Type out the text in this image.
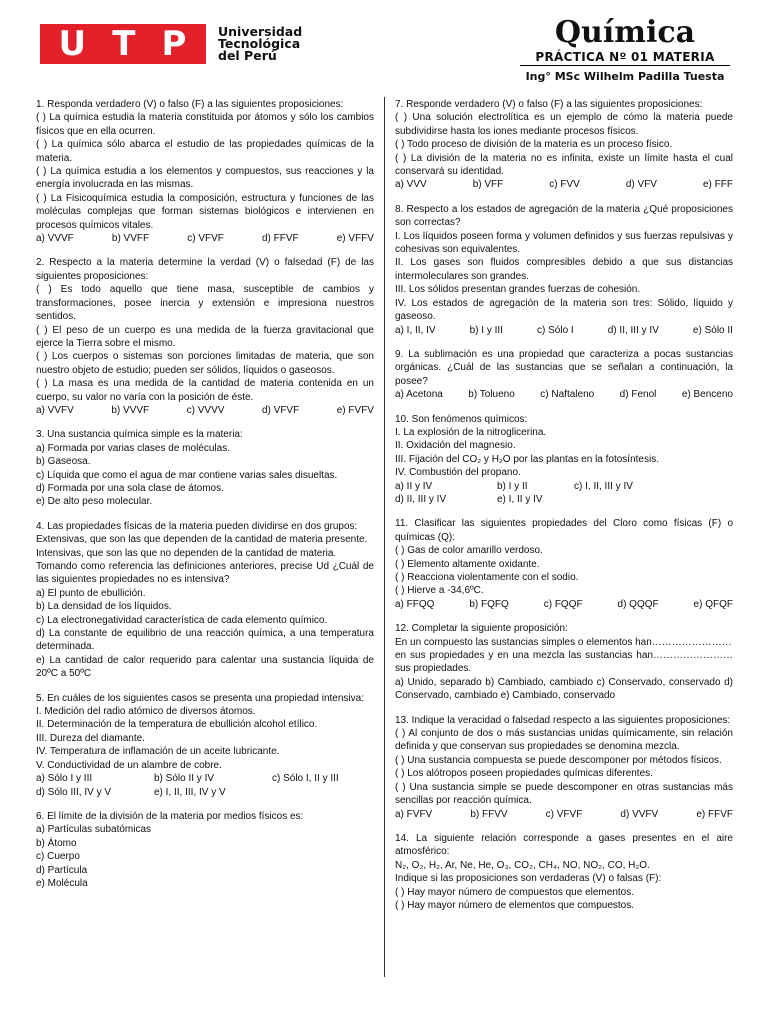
U T P Universidad
Tecnológica
del Perú
Química
PRÁCTICA Nº 01 MATERIA
Ing° MSc Wilhelm Padilla Tuesta
1. Responda verdadero (V) o falso (F) a las siguientes proposiciones:
( ) La química estudia la materia constituida por átomos y sólo los cambios físicos que en ella ocurren.
( ) La química sólo abarca el estudio de las propiedades químicas de la materia.
( ) La química estudia a los elementos y compuestos, sus reacciones y la energía involucrada en las mismas.
( ) La Fisicoquímica estudia la composición, estructura y funciones de las moléculas complejas que forman sistemas biológicos e intervienen en procesos químicos vitales.
a) VVVF	b) VVFF	c) VFVF	d) FFVF	e) VFFV
2. Respecto a la materia determine la verdad (V) o falsedad (F) de las siguientes proposiciones:
( ) Es todo aquello que tiene masa, susceptible de cambios y transformaciones, posee inercia y extensión e impresiona nuestros sentidos.
( ) El peso de un cuerpo es una medida de la fuerza gravitacional que ejerce la Tierra sobre el mismo.
( ) Los cuerpos o sistemas son porciones limitadas de materia, que son nuestro objeto de estudio; pueden ser sólidos, líquidos o gaseosos.
( ) La masa es una medida de la cantidad de materia contenida en un cuerpo, su valor no varía con la posición de éste.
a) VVFV	b) VVVF	c) VVVV	d) VFVF	e) FVFV
3. Una sustancia química simple es la materia:
a) Formada por varias clases de moléculas.
b) Gaseosa.
c) Líquida que como el agua de mar contiene varias sales disueltas.
d) Formada por una sola clase de átomos.
e) De alto peso molecular.
4. Las propiedades físicas de la materia pueden dividirse en dos grupos:
Extensivas, que son las que dependen de la cantidad de materia presente.
Intensivas, que son las que no dependen de la cantidad de materia.
Tomando como referencia las definiciones anteriores, precise Ud ¿Cuál de las siguientes propiedades no es intensiva?
a) El punto de ebullición.
b) La densidad de los líquidos.
c) La electronegatividad característica de cada elemento químico.
d) La constante de equilibrio de una reacción química, a una temperatura determinada.
e) La cantidad de calor requerido para calentar una sustancia líquida de 20ºC a 50ºC
5. En cuáles de los siguientes casos se presenta una propiedad intensiva:
I. Medición del radio atómico de diversos átomos.
II. Determinación de la temperatura de ebullición alcohol etílico.
III. Dureza del diamante.
IV. Temperatura de inflamación de un aceite lubricante.
V. Conductividad de un alambre de cobre.
a) Sólo I y III	b) Sólo II y IV	c) Sólo I, II y III
d) Sólo III, IV y V	e) I, II, III, IV y V
6. El límite de la división de la materia por medios físicos es:
a) Partículas subatómicas
b) Átomo
c) Cuerpo
d) Partícula
e) Molécula
7. Responde verdadero (V) o falso (F) a las siguientes proposiciones:
( ) Una solución electrolítica es un ejemplo de cómo la materia puede subdividirse hasta los iones mediante procesos físicos.
( ) Todo proceso de división de la materia es un proceso físico.
( ) La división de la materia no es infinita, existe un límite hasta el cual conservará su identidad.
a) VVV	b) VFF	c) FVV	d) VFV	e) FFF
8. Respecto a los estados de agregación de la materia ¿Qué proposiciones son correctas?
I. Los líquidos poseen forma y volumen definidos y sus fuerzas repulsivas y cohesivas son equivalentes.
II. Los gases son fluidos compresibles debido a que sus distancias intermoleculares son grandes.
III. Los sólidos presentan grandes fuerzas de cohesión.
IV. Los estados de agregación de la materia son tres: Sólido, líquido y gaseoso.
a) I, II, IV	b) I y III	c) Sólo I	d) II, III y IV	e) Sólo II
9. La sublimación es una propiedad que caracteriza a pocas sustancias orgánicas. ¿Cuál de las sustancias que se señalan a continuación, la posee?
a) Acetona	b) Tolueno	c) Naftaleno	d) Fenol	e) Benceno
10. Son fenómenos químicos:
I. La explosión de la nitroglicerina.
II. Oxidación del magnesio.
III. Fijación del CO₂ y H₂O por las plantas en la fotosíntesis.
IV. Combustión del propano.
a) II y IV	b) I y II	c) I, II, III y IV
d) II, III y IV	e) I, II y IV
11. Clasificar las siguientes propiedades del Cloro como físicas (F) o químicas (Q):
( ) Gas de color amarillo verdoso.
( ) Elemento altamente oxidante.
( ) Reacciona violentamente con el sodio.
( ) Hierve a -34,6ºC.
a) FFQQ	b) FQFQ	c) FQQF	d) QQQF	e) QFQF
12. Completar la siguiente proposición:
En un compuesto las sustancias simples o elementos han……………………
en sus propiedades y en una mezcla las sustancias han……………………sus propiedades.
a) Unido, separado b) Cambiado, cambiado c) Conservado, conservado d) Conservado, cambiado e) Cambiado, conservado
13. Indique la veracidad o falsedad respecto a las siguientes proposiciones:
( ) Al conjunto de dos o más sustancias unidas químicamente, sin relación definida y que conservan sus propiedades se denomina mezcla.
( ) Una sustancia compuesta se puede descomponer por métodos físicos.
( ) Los alótropos poseen propiedades químicas diferentes.
( ) Una sustancia simple se puede descomponer en otras sustancias más sencillas por reacción química.
a) FVFV	b) FFVV	c) VFVF	d) VVFV	e) FFVF
14. La siguiente relación corresponde a gases presentes en el aire atmosférico:
N₂, O₂, H₂, Ar, Ne, He, O₃, CO₂, CH₄, NO, NO₂, CO, H₂O.
Indique si las proposiciones son verdaderas (V) o falsas (F):
( ) Hay mayor número de compuestos que elementos.
( ) Hay mayor número de elementos que compuestos.
